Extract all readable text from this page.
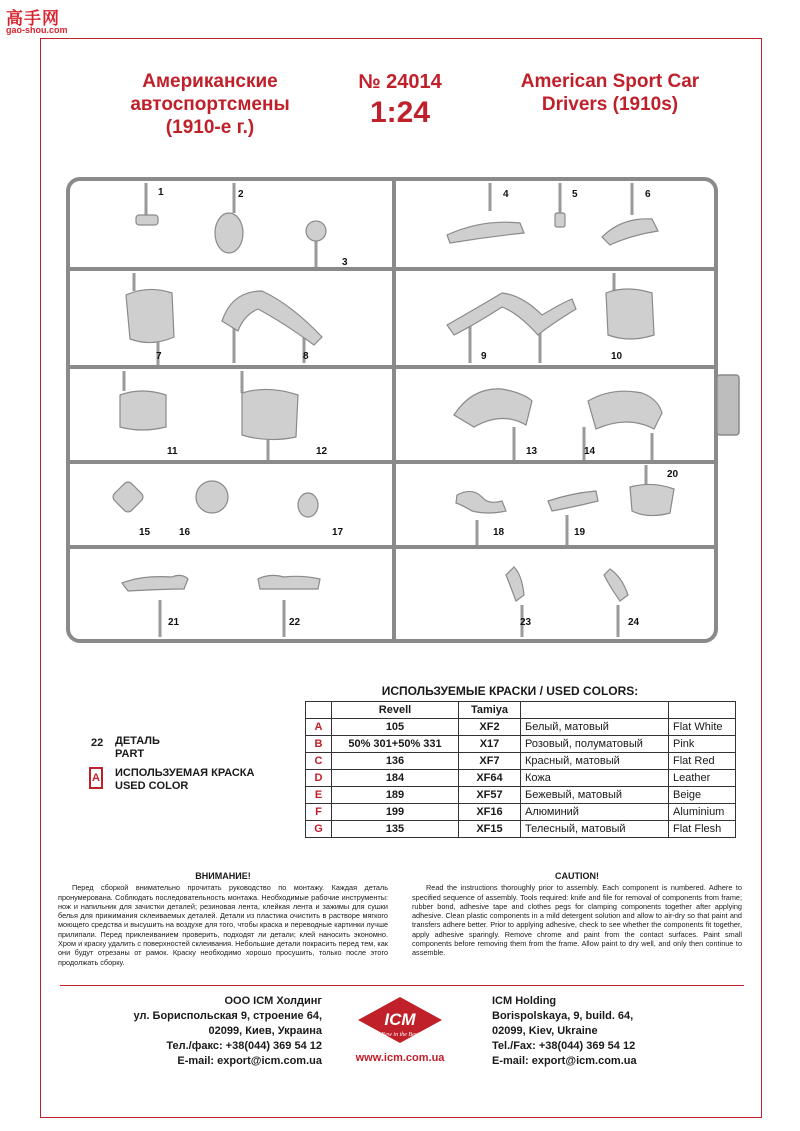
高手网
gao-shou.com
Американские
автоспортсмены
(1910-е г.)
№ 24014
1:24
American Sport Car
Drivers (1910s)
1	2
3
4	5	6
7	8	9	10
11	12	13	14
15	16	17	18	19
20
21	22	23	24
22 ДЕТАЛЬ
PART
A ИСПОЛЬЗУЕМАЯ КРАСКА
USED COLOR
ИСПОЛЬЗУЕМЫЕ КРАСКИ / USED COLORS:
	Revell	Tamiya		
A	105	XF2	Белый, матовый	Flat White
B	50% 301+50% 331	X17	Розовый, полуматовый	Pink
C	136	XF7	Красный, матовый	Flat Red
D	184	XF64	Кожа	Leather
E	189	XF57	Бежевый, матовый	Beige
F	199	XF16	Алюминий	Aluminium
G	135	XF15	Телесный, матовый	Flat Flesh
ВНИМАНИЕ!

Перед сборкой внимательно прочитать руководство по монтажу. Каждая деталь пронумерована. Соблюдать последовательность монтажа. Необходимые рабочие инструменты: нож и напильник для зачистки деталей; резиновая лента, клейкая лента и зажимы для сушки белья для прижимания склеиваемых деталей. Детали из пластика очистить в растворе мягкого моющего средства и высушить на воздухе для того, чтобы краска и переводные картинки лучше прилипали. Перед приклеиванием проверить, подходят ли детали; клей наносить экономно. Хром и краску удалить с поверхностей склеивания. Небольшие детали покрасить перед тем, как они будут отрезаны от рамок. Краску необходимо хорошо просушить, только после этого продолжать сборку.

CAUTION!

Read the instructions thoroughly prior to assembly. Each component is numbered. Adhere to specified sequence of assembly. Tools required: knife and file for removal of components from frame; rubber bond, adhesive tape and clothes pegs for clamping components together after applying adhesive. Clean plastic components in a mild detergent solution and allow to air-dry so that paint and transfers adhere better. Prior to applying adhesive, check to see whether the components fit together, apply adhesive sparingly. Remove chrome and paint from the contact surfaces. Paint small components before removing them from the frame. Allow paint to dry well, and only then continue to assemble.

ООО ICM Холдинг
ул. Бориспольская 9, строение 64,
02099, Киев, Украина
Тел./факс: +38(044) 369 54 12
E-mail: export@icm.com.ua
ICM
New in the Best
www.icm.com.ua
ICM Holding
Borispolskaya, 9, build. 64,
02099, Kiev, Ukraine
Tel./Fax: +38(044) 369 54 12
E-mail: export@icm.com.ua
